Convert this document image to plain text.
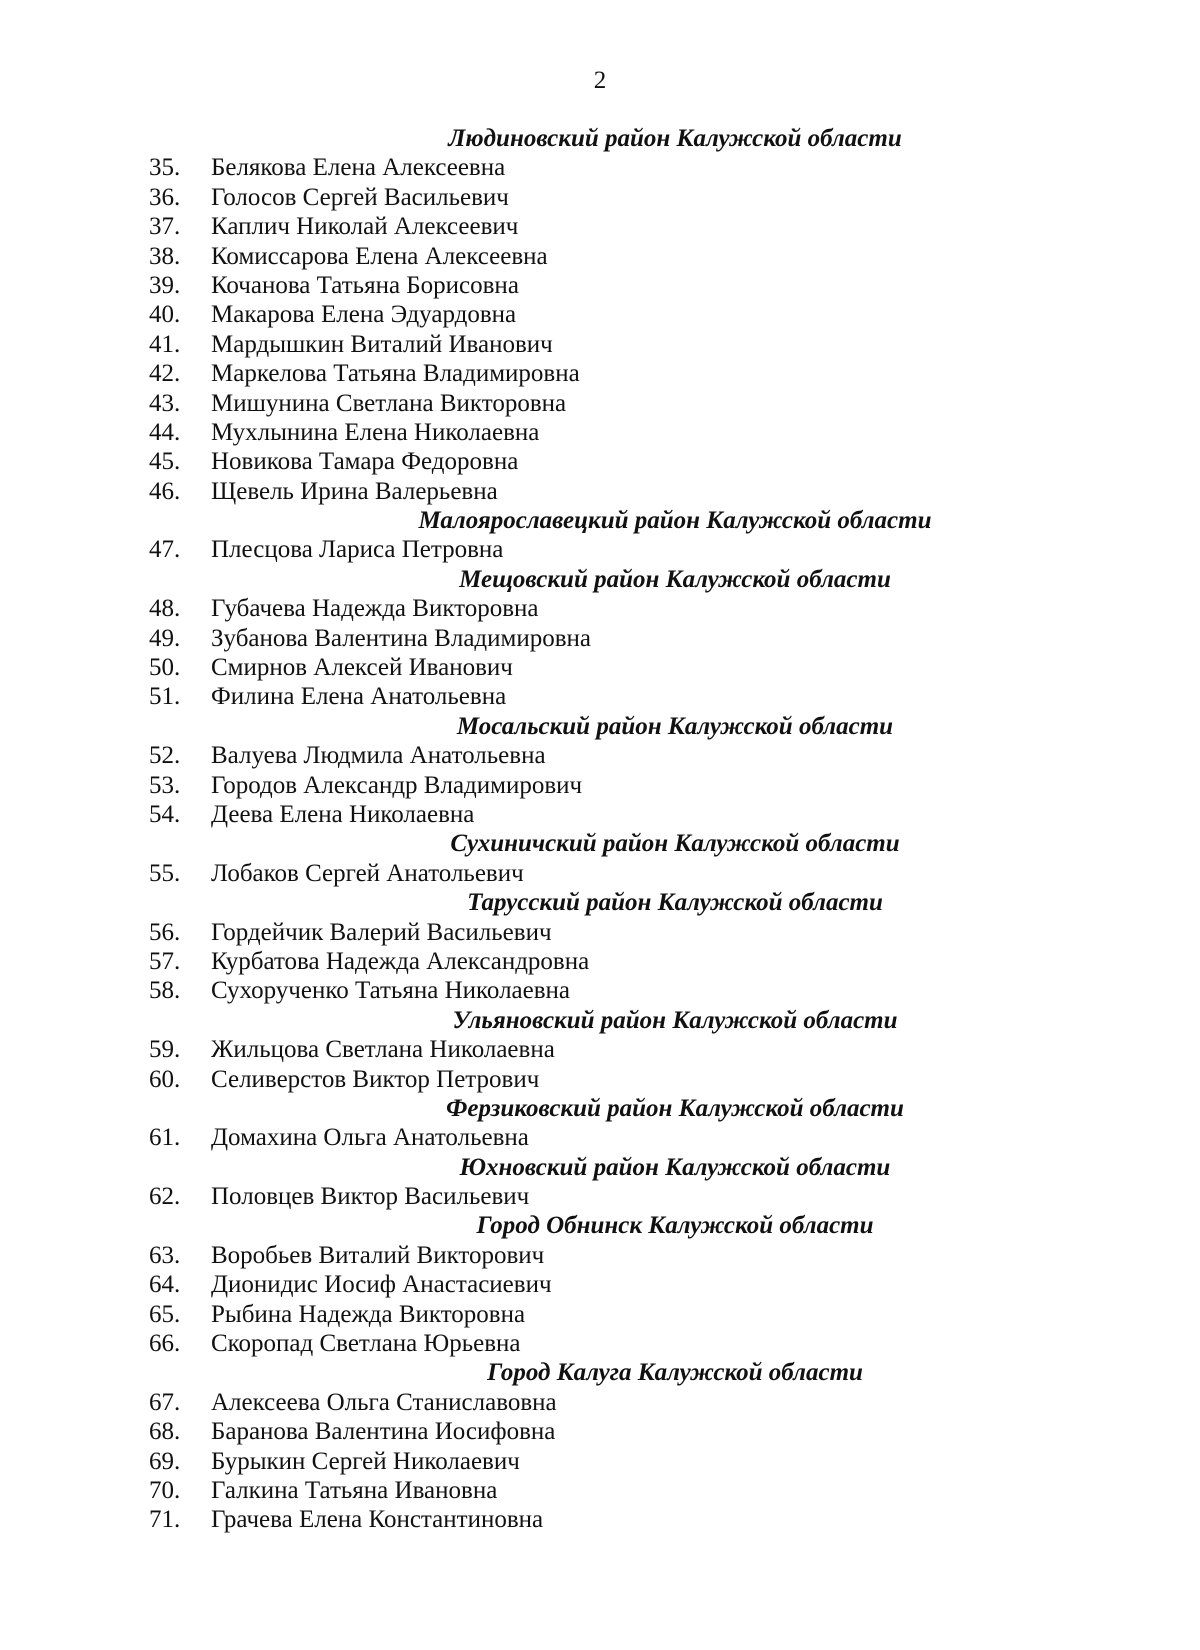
2
Людиновский район Калужской области
35. Белякова Елена Алексеевна
36. Голосов Сергей Васильевич
37. Каплич Николай Алексеевич
38. Комиссарова Елена Алексеевна
39. Кочанова Татьяна Борисовна
40. Макарова Елена Эдуардовна
41. Мардышкин Виталий Иванович
42. Маркелова Татьяна Владимировна
43. Мишунина Светлана Викторовна
44. Мухлынина Елена Николаевна
45. Новикова Тамара Федоровна
46. Щевель Ирина Валерьевна
Малоярославецкий район Калужской области
47. Плесцова Лариса Петровна
Мещовский район Калужской области
48. Губачева Надежда Викторовна
49. Зубанова Валентина Владимировна
50. Смирнов Алексей Иванович
51. Филина Елена Анатольевна
Мосальский район Калужской области
52. Валуева Людмила Анатольевна
53. Городов Александр Владимирович
54. Деева Елена Николаевна
Сухиничский район Калужской области
55. Лобаков Сергей Анатольевич
Тарусский район Калужской области
56. Гордейчик Валерий Васильевич
57. Курбатова Надежда Александровна
58. Сухорученко Татьяна Николаевна
Ульяновский район Калужской области
59. Жильцова Светлана Николаевна
60. Селиверстов Виктор Петрович
Ферзиковский район Калужской области
61. Домахина Ольга Анатольевна
Юхновский район Калужской области
62. Половцев Виктор Васильевич
Город Обнинск Калужской области
63. Воробьев Виталий Викторович
64. Дионидис Иосиф Анастасиевич
65. Рыбина Надежда Викторовна
66. Скоропад Светлана Юрьевна
Город Калуга Калужской области
67. Алексеева Ольга Станиславовна
68. Баранова Валентина Иосифовна
69. Бурыкин Сергей Николаевич
70. Галкина Татьяна Ивановна
71. Грачева Елена Константиновна
